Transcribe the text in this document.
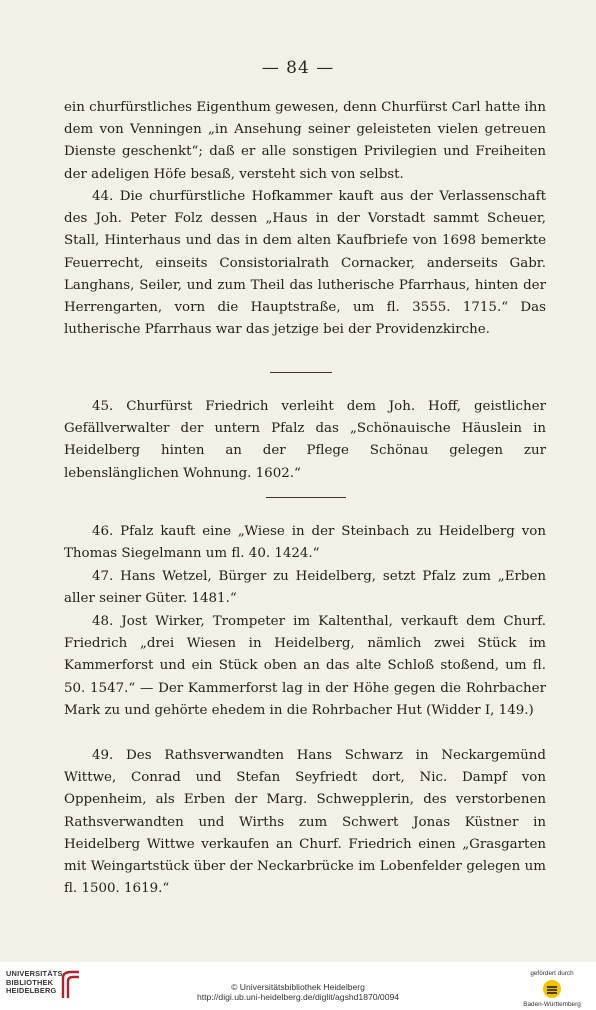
— 84 —

ein churfürstliches Eigenthum gewesen, denn Churfürst Carl hatte ihn dem von Venningen „in Ansehung seiner geleisteten vielen getreuen Dienste geschenkt“; daß er alle sonstigen Privilegien und Freiheiten der adeligen Höfe besaß, versteht sich von selbst.

44. Die churfürstliche Hofkammer kauft aus der Verlassenschaft des Joh. Peter Folz dessen „Haus in der Vorstadt sammt Scheuer, Stall, Hinterhaus und das in dem alten Kaufbriefe von 1698 bemerkte Feuerrecht, einseits Consistorialrath Cornacker, anderseits Gabr. Langhans, Seiler, und zum Theil das lutherische Pfarrhaus, hinten der Herrengarten, vorn die Hauptstraße, um fl. 3555. 1715.“ Das lutherische Pfarrhaus war das jetzige bei der Providenzkirche.

45. Churfürst Friedrich verleiht dem Joh. Hoff, geistlicher Gefällverwalter der untern Pfalz das „Schönauische Häuslein in Heidelberg hinten an der Pflege Schönau gelegen zur lebenslänglichen Wohnung. 1602.“

46. Pfalz kauft eine „Wiese in der Steinbach zu Heidelberg von Thomas Siegelmann um fl. 40. 1424.“

47. Hans Wetzel, Bürger zu Heidelberg, setzt Pfalz zum „Erben aller seiner Güter. 1481.“

48. Jost Wirker, Trompeter im Kaltenthal, verkauft dem Churf. Friedrich „drei Wiesen in Heidelberg, nämlich zwei Stück im Kammerforst und ein Stück oben an das alte Schloß stoßend, um fl. 50. 1547.“ — Der Kammerforst lag in der Höhe gegen die Rohrbacher Mark zu und gehörte ehedem in die Rohrbacher Hut (Widder I, 149.)

49. Des Rathsverwandten Hans Schwarz in Neckargemünd Wittwe, Conrad und Stefan Seyfriedt dort, Nic. Dampf von Oppenheim, als Erben der Marg. Schwepplerin, des verstorbenen Rathsverwandten und Wirths zum Schwert Jonas Küstner in Heidelberg Wittwe verkaufen an Churf. Friedrich einen „Grasgarten mit Weingartstück über der Neckarbrücke im Lobenfelder gelegen um fl. 1500. 1619.“

UNIVERSITÄTS-
BIBLIOTHEK
HEIDELBERG	© Universitätsbibliothek Heidelberg
http://digi.ub.uni-heidelberg.de/diglit/agshd1870/0094
gefördert durch
Baden-Württemberg
